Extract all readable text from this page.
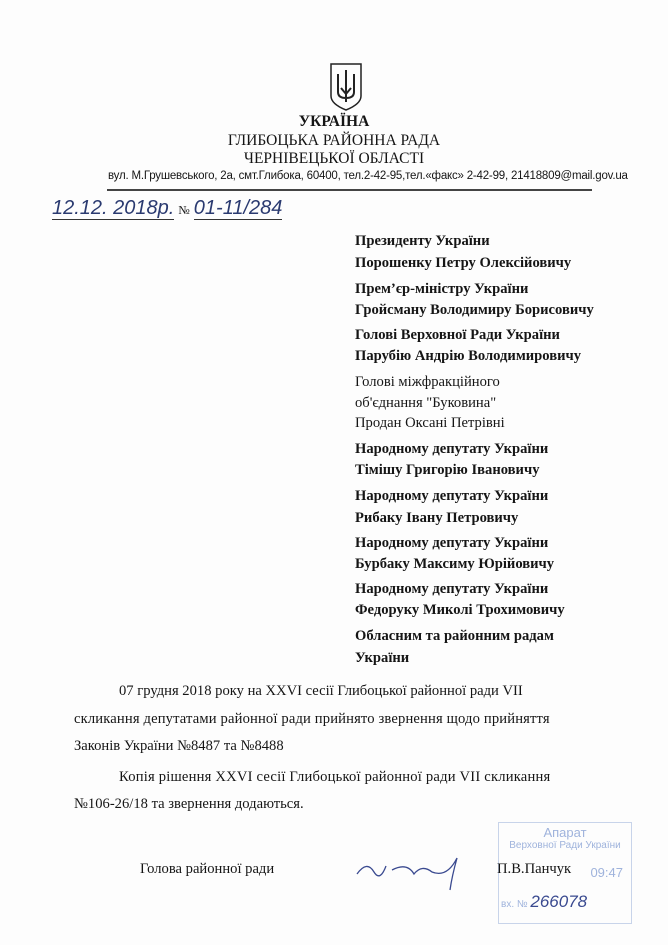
УКРАЇНА
ГЛИБОЦЬКА РАЙОННА РАДА
ЧЕРНІВЕЦЬКОЇ ОБЛАСТІ
вул. М.Грушевського, 2а, смт.Глибока, 60400, тел.2-42-95,тел.«факс» 2-42-99, 21418809@mail.gov.ua
12.12. 2018р. № 01-11/284
Президенту України
Порошенку Петру Олексійовичу
Прем’єр-міністру України
Гройсману Володимиру Борисовичу
Голові Верховної Ради України
Парубію Андрію Володимировичу
Голові міжфракційного
об'єднання "Буковина"
Продан Оксані Петрівні
Народному депутату України
Тімішу Григорію Івановичу
Народному депутату України
Рибаку Івану Петровичу
Народному депутату України
Бурбаку Максиму Юрійовичу
Народному депутату України
Федоруку Миколі Трохимовичу
Обласним та районним радам
України
07 грудня 2018 року на XXVI сесії Глибоцької районної ради VII
скликання депутатами районної ради прийнято звернення щодо прийняття
Законів України №8487 та №8488
Копія рішення XXVI сесії Глибоцької районної ради VII скликання
№106-26/18 та звернення додаються.
Апарат
Верховної Ради України
09:47
вх. № 266078
Голова районної ради	П.В.Панчук
